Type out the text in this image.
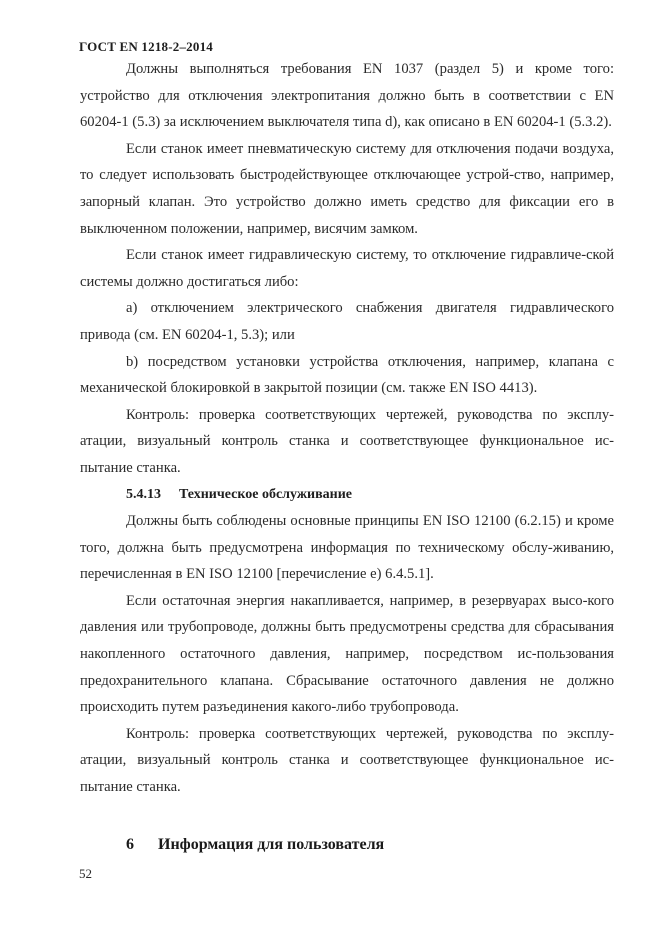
ГОСТ EN 1218-2–2014

Должны выполняться требования EN 1037 (раздел 5) и кроме того: устройство для отключения электропитания должно быть в соответствии с EN 60204-1 (5.3) за исключением выключателя типа d), как описано в EN 60204-1 (5.3.2).

Если станок имеет пневматическую систему для отключения подачи воздуха, то следует использовать быстродействующее отключающее устрой-ство, например, запорный клапан. Это устройство должно иметь средство для фиксации его в выключенном положении, например, висячим замком.

Если станок имеет гидравлическую систему, то отключение гидравличе-ской системы должно достигаться либо:

а) отключением электрического снабжения двигателя гидравлического привода (см. EN 60204-1, 5.3); или

b) посредством установки устройства отключения, например, клапана с механической блокировкой в закрытой позиции (см. также EN ISO 4413).

Контроль: проверка соответствующих чертежей, руководства по эксплу-атации, визуальный контроль станка и соответствующее функциональное ис-пытание станка.

5.4.13 Техническое обслуживание

Должны быть соблюдены основные принципы EN ISO 12100 (6.2.15) и кроме того, должна быть предусмотрена информация по техническому обслу-живанию, перечисленная в EN ISO 12100 [перечисление е) 6.4.5.1].

Если остаточная энергия накапливается, например, в резервуарах высо-кого давления или трубопроводе, должны быть предусмотрены средства для сбрасывания накопленного остаточного давления, например, посредством ис-пользования предохранительного клапана. Сбрасывание остаточного давления не должно происходить путем разъединения какого-либо трубопровода.

Контроль: проверка соответствующих чертежей, руководства по эксплу-атации, визуальный контроль станка и соответствующее функциональное ис-пытание станка.

6 Информация для пользователя
52
